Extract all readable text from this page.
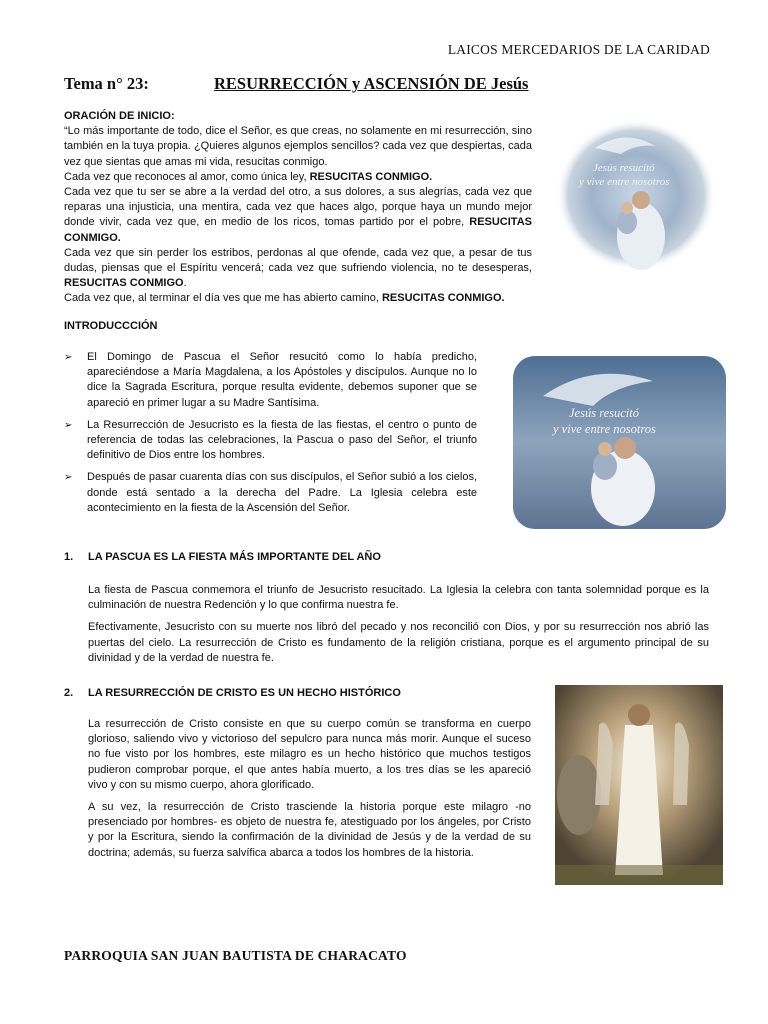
LAICOS MERCEDARIOS DE LA CARIDAD
Tema n° 23:	RESURRECCIÓN y ASCENSIÓN DE Jesús
ORACIÓN DE INICIO:

“Lo más importante de todo, dice el Señor, es que creas, no solamente en mi resurrección, sino también en la tuya propia. ¿Quieres algunos ejemplos sencillos? cada vez que despiertas, cada vez que sientas que amas mi vida, resucitas conmigo.

Cada vez que reconoces al amor, como única ley, RESUCITAS CONMIGO.

Cada vez que tu ser se abre a la verdad del otro, a sus dolores, a sus alegrías, cada vez que reparas una injusticia, una mentira, cada vez que haces algo, porque haya un mundo mejor donde vivir, cada vez que, en medio de los ricos, tomas partido por el pobre, RESUCITAS CONMIGO.

Cada vez que sin perder los estribos, perdonas al que ofende, cada vez que, a pesar de tus dudas, piensas que el Espíritu vencerá; cada vez que sufriendo violencia, no te desesperas, RESUCITAS CONMIGO.

Cada vez que, al terminar el día ves que me has abierto camino, RESUCITAS CONMIGO.

Jesús resucitó
y vive entre nosotros
INTRODUCCCIÓN
➢ El Domingo de Pascua el Señor resucitó como lo había predicho, apareciéndose a María Magdalena, a los Apóstoles y discípulos. Aunque no lo dice la Sagrada Escritura, porque resulta evidente, debemos suponer que se apareció en primer lugar a su Madre Santísima.
➢ La Resurrección de Jesucristo es la fiesta de las fiestas, el centro o punto de referencia de todas las celebraciones, la Pascua o paso del Señor, el triunfo definitivo de Dios entre los hombres.
➢ Después de pasar cuarenta días con sus discípulos, el Señor subió a los cielos, donde está sentado a la derecha del Padre. La Iglesia celebra este acontecimiento en la fiesta de la Ascensión del Señor.
Jesús resucitó
y vive entre nosotros
1. LA PASCUA ES LA FIESTA MÁS IMPORTANTE DEL AÑO

La fiesta de Pascua conmemora el triunfo de Jesucristo resucitado. La Iglesia la celebra con tanta solemnidad porque es la culminación de nuestra Redención y lo que confirma nuestra fe.

Efectivamente, Jesucristo con su muerte nos libró del pecado y nos reconcilió con Dios, y por su resurrección nos abrió las puertas del cielo. La resurrección de Cristo es fundamento de la religión cristiana, porque es el argumento principal de su divinidad y de la verdad de nuestra fe.

2. LA RESURRECCIÓN DE CRISTO ES UN HECHO HISTÓRICO

La resurrección de Cristo consiste en que su cuerpo común se transforma en cuerpo glorioso, saliendo vivo y victorioso del sepulcro para nunca más morir. Aunque el suceso no fue visto por los hombres, este milagro es un hecho histórico que muchos testigos pudieron comprobar porque, el que antes había muerto, a los tres días se les apareció vivo y con su mismo cuerpo, ahora glorificado.

A su vez, la resurrección de Cristo trasciende la historia porque este milagro -no presenciado por hombres- es objeto de nuestra fe, atestiguado por los ángeles, por Cristo y por la Escritura, siendo la confirmación de la divinidad de Jesús y de la verdad de su doctrina; además, su fuerza salvífica abarca a todos los hombres de la historia.

PARROQUIA SAN JUAN BAUTISTA DE CHARACATO
